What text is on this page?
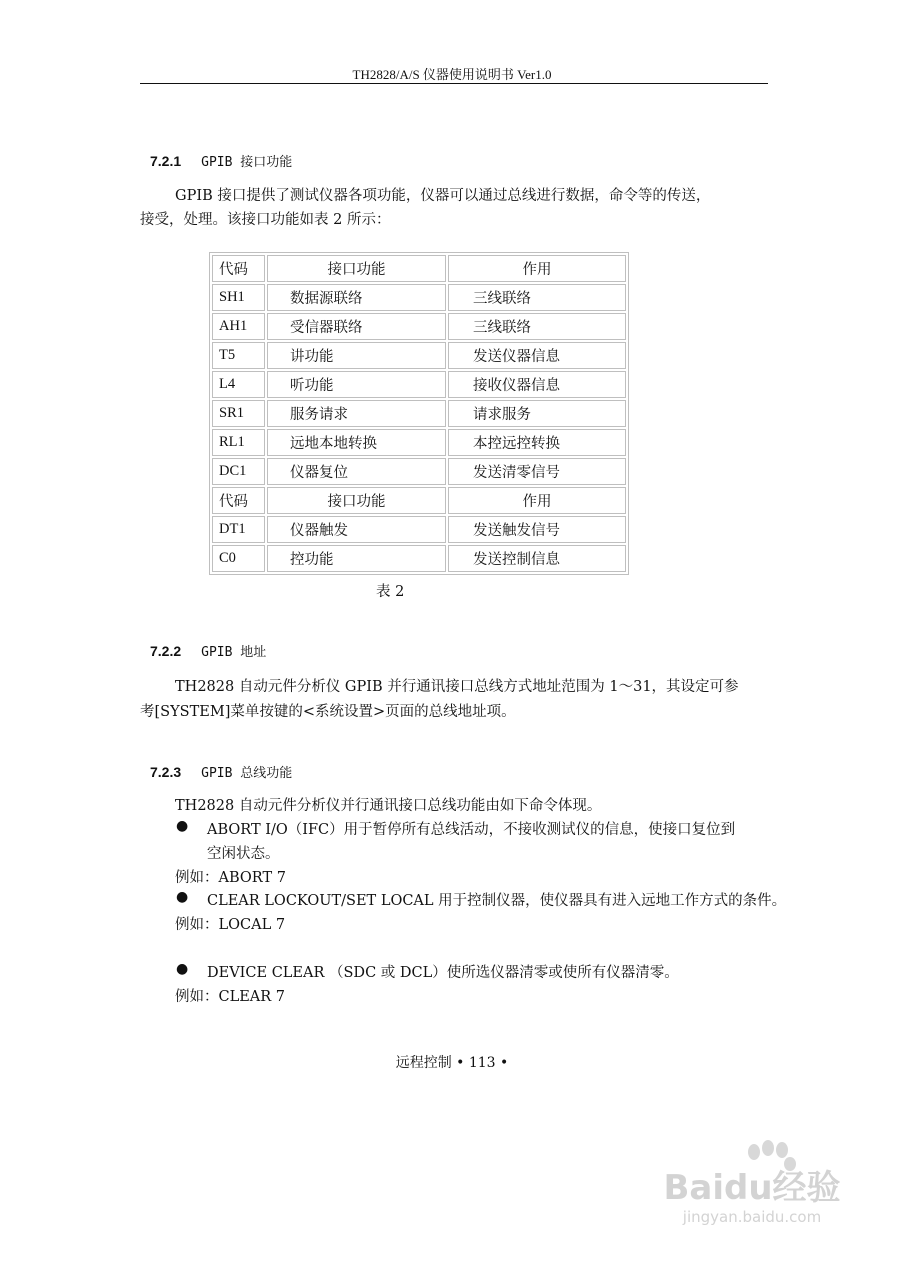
TH2828/A/S 仪器使用说明书 Ver1.0
7.2.1 GPIB 接口功能
GPIB 接口提供了测试仪器各项功能，仪器可以通过总线进行数据，命令等的传送，
接受，处理。该接口功能如表 2 所示：
代码	接口功能	作用
SH1	数据源联络	三线联络
AH1	受信器联络	三线联络
T5	讲功能	发送仪器信息
L4	听功能	接收仪器信息
SR1	服务请求	请求服务
RL1	远地本地转换	本控远控转换
DC1	仪器复位	发送清零信号
代码	接口功能	作用
DT1	仪器触发	发送触发信号
C0	控功能	发送控制信息
表 2
7.2.2 GPIB 地址
TH2828 自动元件分析仪 GPIB 并行通讯接口总线方式地址范围为 1～31，其设定可参
考[SYSTEM]菜单按键的<系统设置>页面的总线地址项。
7.2.3 GPIB 总线功能
TH2828 自动元件分析仪并行通讯接口总线功能由如下命令体现。
● ABORT I/O（IFC）用于暂停所有总线活动，不接收测试仪的信息，使接口复位到
空闲状态。
例如：ABORT 7
● CLEAR LOCKOUT/SET LOCAL 用于控制仪器，使仪器具有进入远地工作方式的条件。
例如：LOCAL 7
● DEVICE CLEAR （SDC 或 DCL）使所选仪器清零或使所有仪器清零。
例如：CLEAR 7
远程控制 • 113 •
Baidu经验
jingyan.baidu.com
